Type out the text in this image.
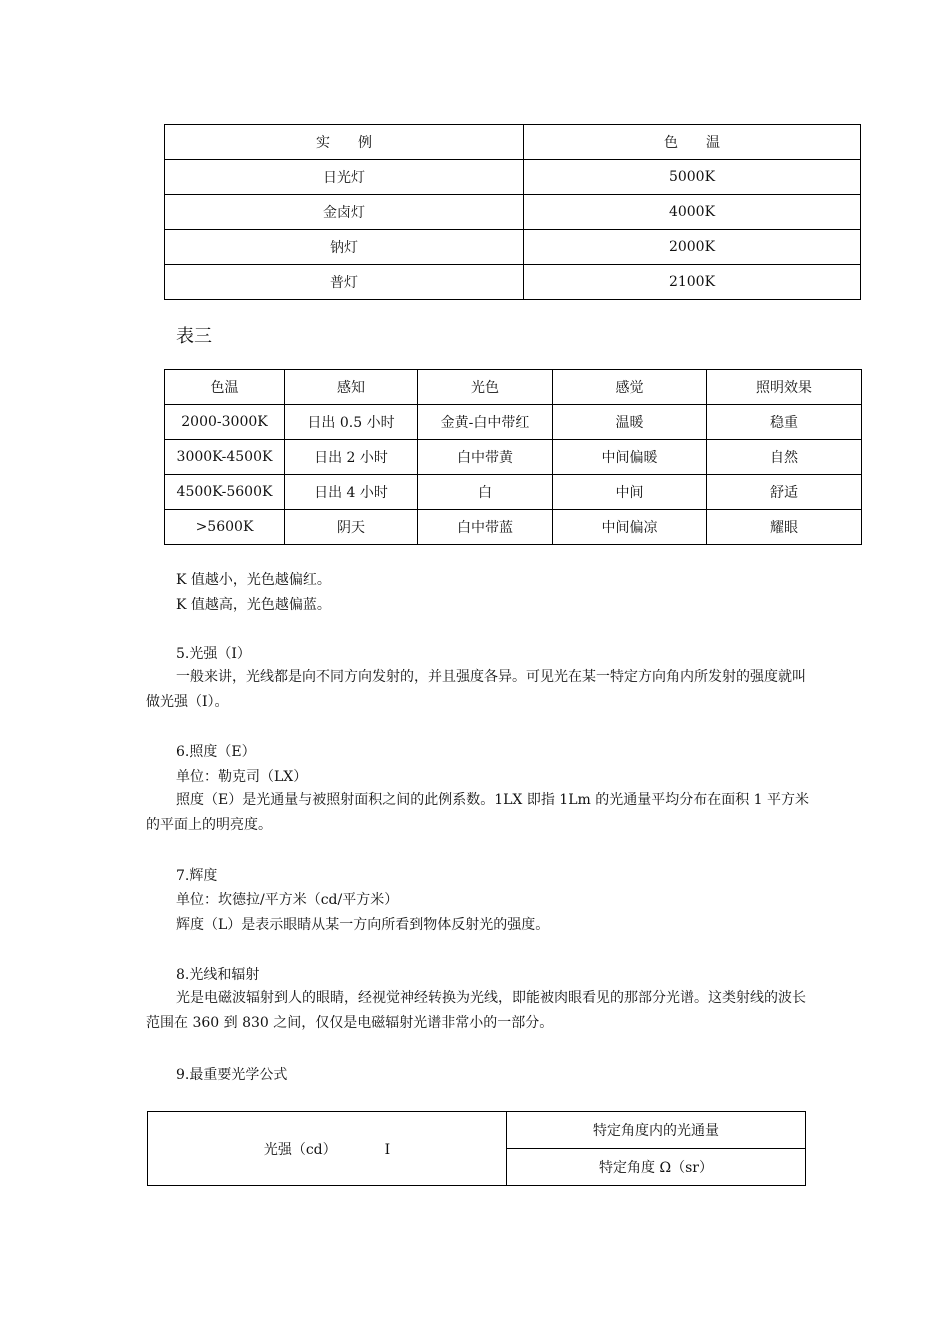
实　　例	色　　温
日光灯	5000K
金卤灯	4000K
钠灯	2000K
普灯	2100K
表三
色温	感知	光色	感觉	照明效果
2000-3000K	日出 0.5 小时	金黄-白中带红	温暖	稳重
3000K-4500K	日出 2 小时	白中带黄	中间偏暖	自然
4500K-5600K	日出 4 小时	白	中间	舒适
>5600K	阴天	白中带蓝	中间偏凉	耀眼
K 值越小，光色越偏红。
K 值越高，光色越偏蓝。
5.光强（I）
一般来讲，光线都是向不同方向发射的，并且强度各异。可见光在某一特定方向角内所发射的强度就叫做光强（I）。
6.照度（E）
单位：勒克司（LX）
照度（E）是光通量与被照射面积之间的此例系数。1LX 即指 1Lm 的光通量平均分布在面积 1 平方米的平面上的明亮度。
7.辉度
单位：坎德拉/平方米（cd/平方米）
辉度（L）是表示眼睛从某一方向所看到物体反射光的强度。
8.光线和辐射
光是电磁波辐射到人的眼睛，经视觉神经转换为光线，即能被肉眼看见的那部分光谱。这类射线的波长范围在 360 到 830 之间，仅仅是电磁辐射光谱非常小的一部分。
9.最重要光学公式
光强（cd）	I	特定角度内的光通量
特定角度 Ω（sr）
